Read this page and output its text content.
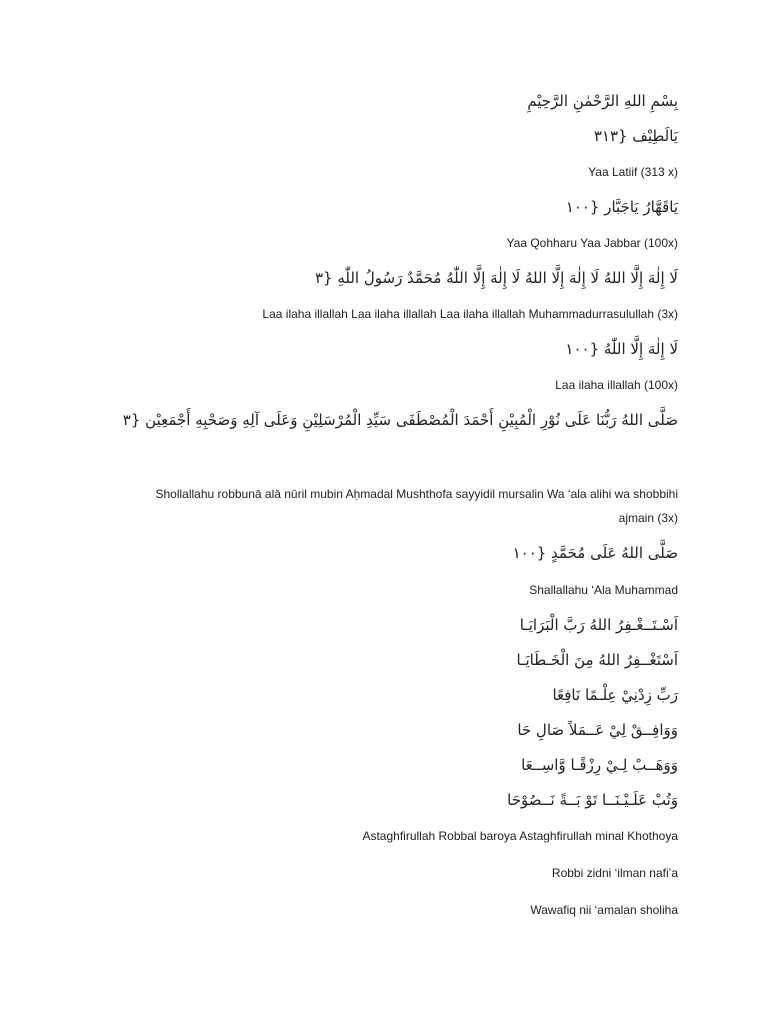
بِسْمِ اللهِ الرَّحْمٰنِ الرَّحِيْمِ
يَالَطِيْف {٣١٣
Yaa Latiif (313 x)
يَاقَهَّارُ يَاجَبَّار {١٠٠
Yaa Qohharu Yaa Jabbar (100x)
لَا إِلٰهَ إِلَّا اللهُ لَا إِلٰهَ إِلَّا اللهُ لَا إِلٰهَ إِلَّا اللّٰهُ مُحَمَّدٌ رَسُولُ اللّٰهِ {٣
Laa ilaha illallah Laa ilaha illallah Laa ilaha illallah Muhammadurrasulullah (3x)
لَا إِلٰهَ إِلَّا اللّٰهُ {١٠٠
Laa ilaha illallah (100x)
صَلَّى اللهُ رَبُّنَا عَلَى نُوْرِ الْمُبِيْنِ أَحْمَدَ الْمُصْطَفَى سَيِّدِ الْمُرْسَلِيْنِ وَعَلَى آلِهِ وَصَحْبِهِ أَجْمَعِيْن {٣
Shollallahu robbunā alā nūril mubin Aḥmadal Mushthofa sayyidil mursalin Wa ‘ala alihi wa shobbihi ajmain (3x)
صَلَّى اللهُ عَلَى مُحَمَّدٍ {١٠٠
Shallallahu ‘Ala Muhammad
اَسْـتَــغْـفِرُ اللهُ رَبَّ الْبَرَايَـا
اَسْتَغْــفِرُ اللهُ مِنَ الْخَـطَايَـا
رَبِّ زِدْنِيْ عِلْـمًا نَافِعًا
وَوَافِــقْ لِيْ عَــمَلاً صَالِ حَا
وَوَهَــبْ لِـيْ رِزْقًـا وَّاسِــعَا
وَتُبْ عَلَـيْـنَــا تَوْ بَــةً نَــصُوْحَا
Astaghfirullah Robbal baroya Astaghfirullah minal Khothoya
Robbi zidni ‘ilman nafi’a
Wawafiq nii ‘amalan sholiha
